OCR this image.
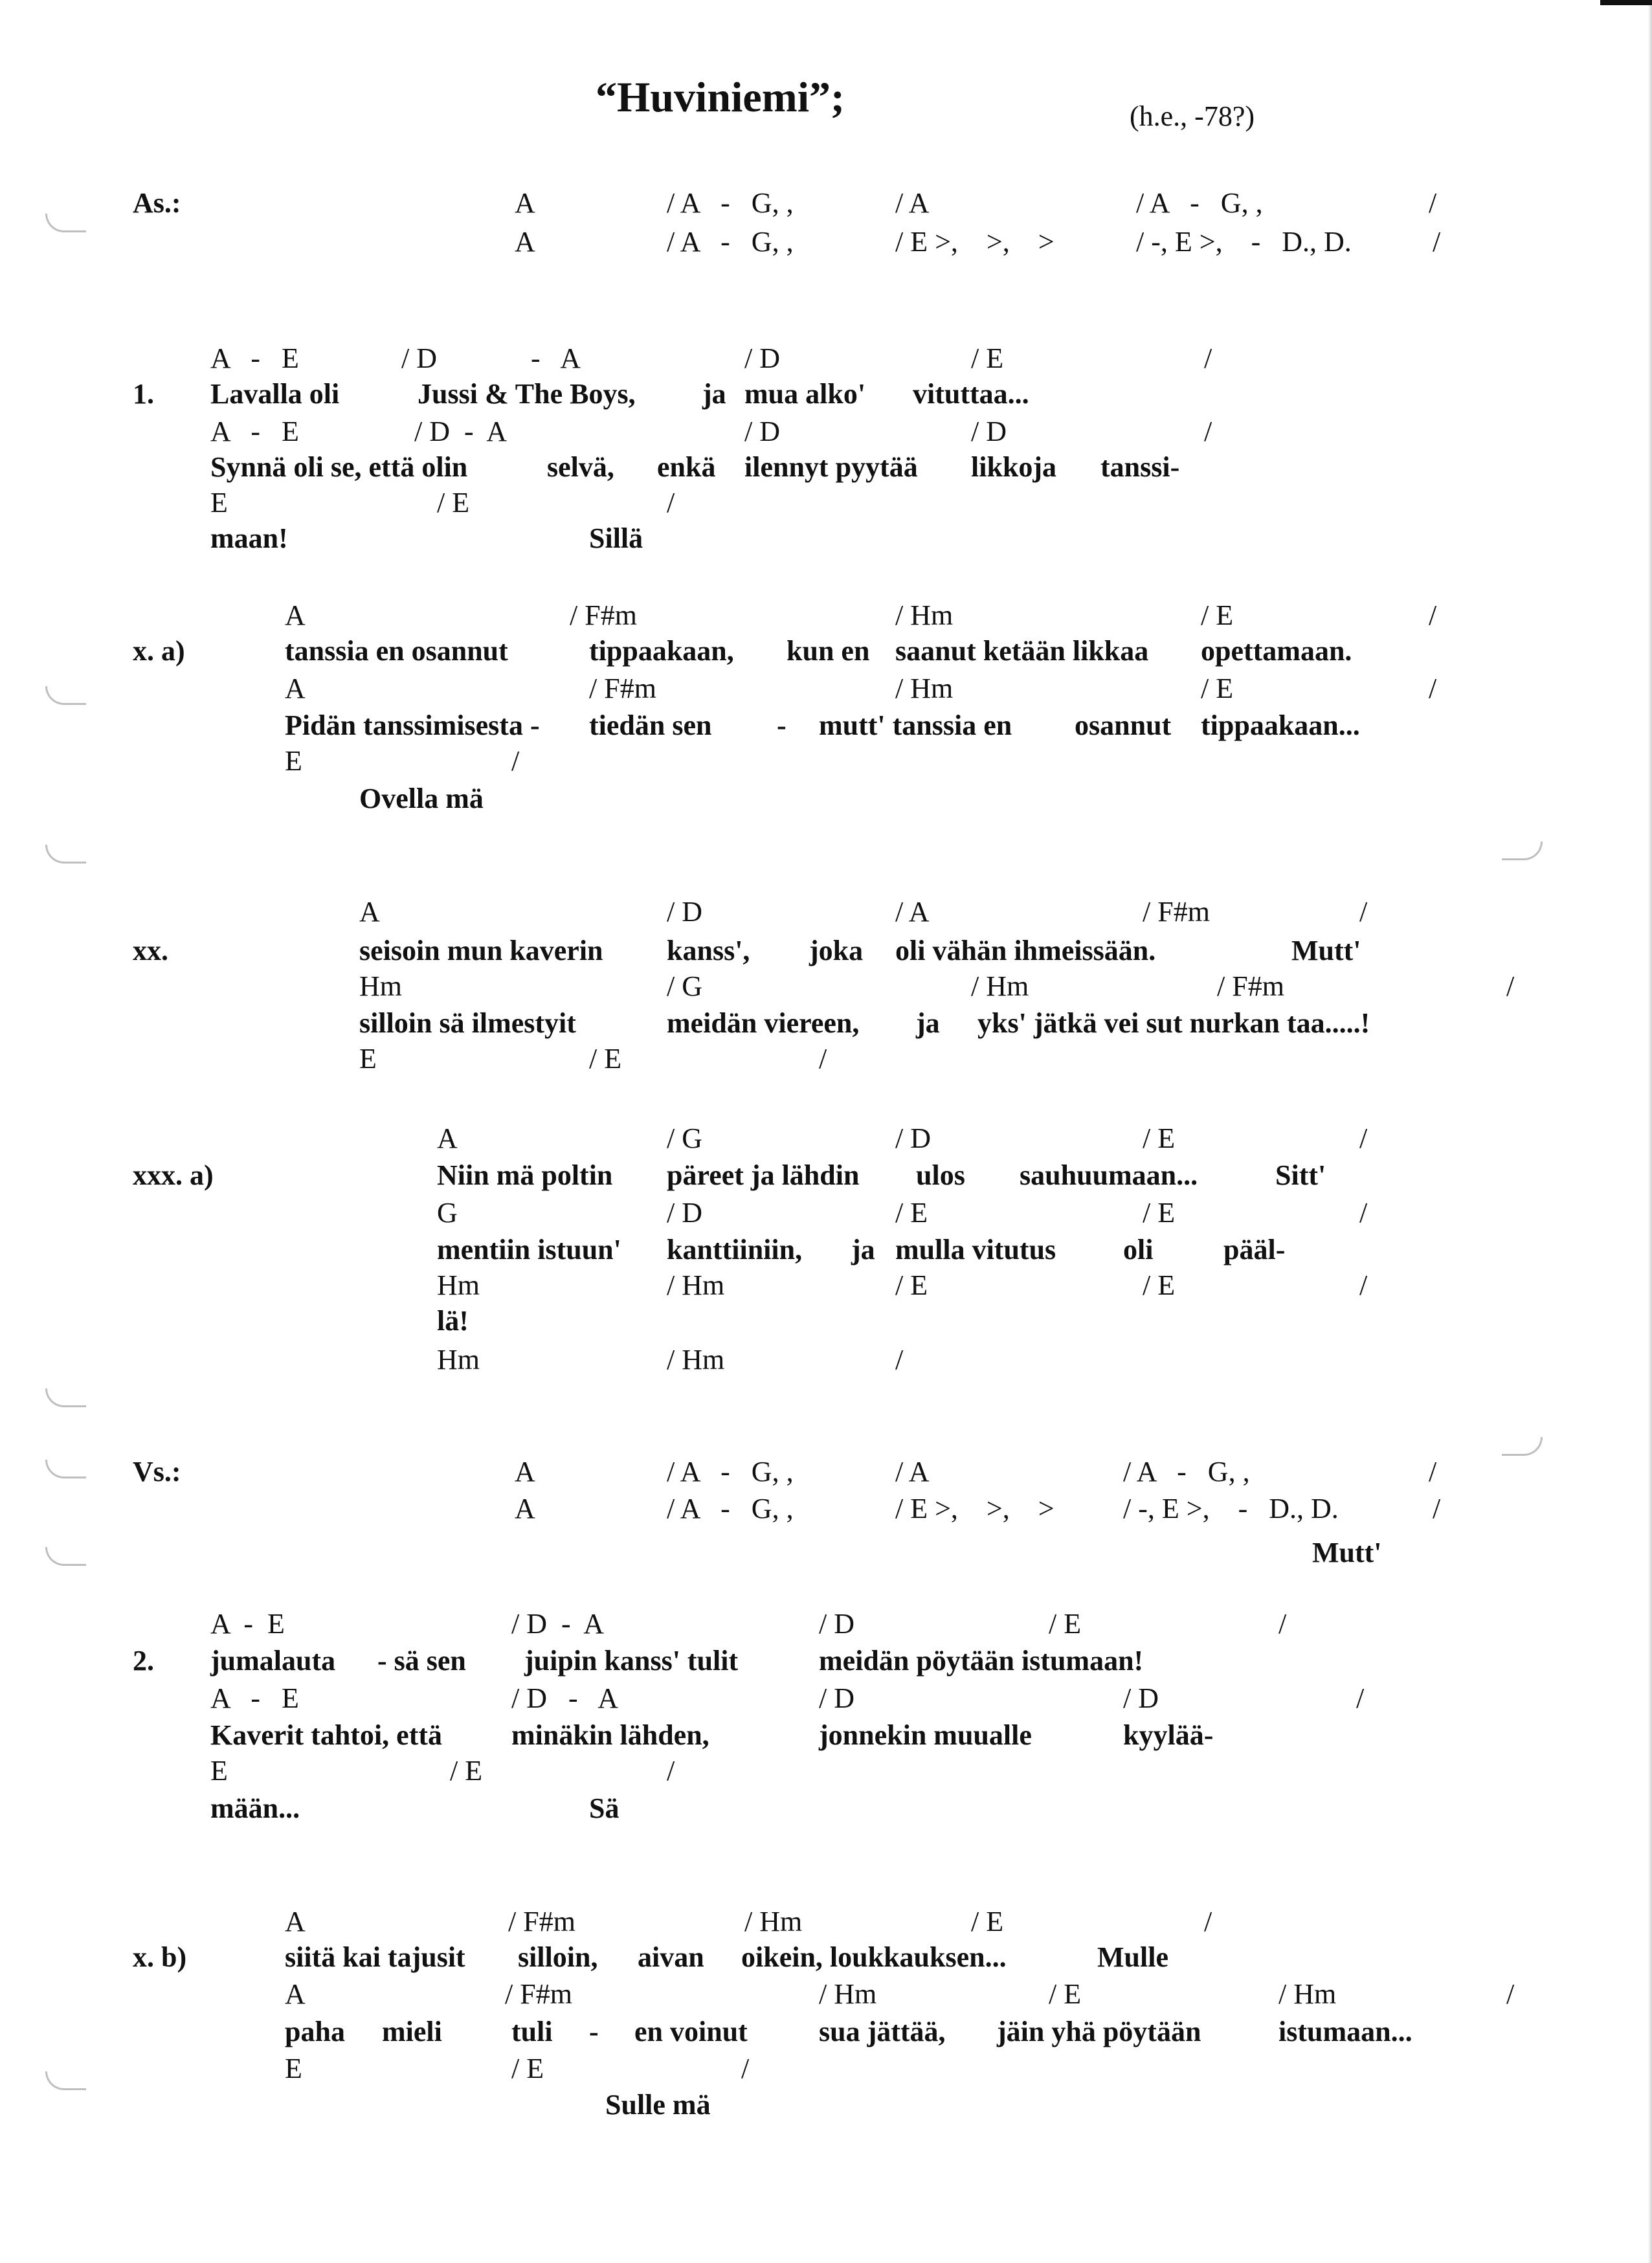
“Huviniemi”;	(h.e., -78?)
As.:	A	/ A   -   G, ,	/ A	/ A   -   G, ,	/
A	/ A   -   G, ,	/ E >,    >,    >	/ -, E >,    -   D., D.	/
A   -   E	/ D	-   A	/ D	/ E	/
1. Lavalla oli	Jussi & The Boys, ja mua alko' vituttaa...
A   -   E	/ D  -  A	/ D	/ D	/
Synnä oli se, että olin	selvä, enkä ilennyt pyytää likkoja tanssi-
E	/ E	/
maan!	Sillä
A	/ F#m	/ Hm	/ E	/
x. a)	tanssia en osannut	tippaakaan, kun en saanut ketään likkaa opettamaan.
A	/ F#m	/ Hm	/ E	/
Pidän tanssimisesta - tiedän sen - mutt' tanssia en osannut tippaakaan...
E	/
Ovella mä
A	/ D	/ A	/ F#m	/
xx.	seisoin mun kaverin kanss', joka oli vähän ihmeissään.	Mutt'
Hm	/ G	/ Hm	/ F#m	/
silloin sä ilmestyit	meidän viereen, ja yks' jätkä vei sut nurkan taa.....!
E	/ E	/
A	/ G	/ D	/ E	/
xxx. a)	Niin mä poltin päreet ja lähdin ulos sauhuumaan...	Sitt'
G	/ D	/ E	/ E	/
mentiin istuun' kanttiiniin, ja mulla vitutus oli pääl-
Hm	/ Hm	/ E	/ E	/
lä!
Hm	/ Hm	/
Vs.:	A	/ A   -   G, ,	/ A	/ A   -   G, ,	/
A	/ A   -   G, ,	/ E >,    >,    > / -, E >,    -   D., D.	/
Mutt'
A  -  E	/ D  -  A	/ D	/ E	/
2. jumalauta - sä sen juipin kanss' tulit	meidän pöytään istumaan!
A   -   E	/ D   -   A	/ D	/ D	/
Kaverit tahtoi, että minäkin lähden,	jonnekin muualle	kyylää-
E	/ E	/
mään...	Sä
A	/ F#m	/ Hm	/ E	/
x. b)	siitä kai tajusit silloin, aivan oikein, loukkauksen...	Mulle
A	/ F#m	/ Hm	/ E	/ Hm	/
paha mieli tuli - en voinut	sua jättää, jäin yhä pöytään	istumaan...
E	/ E	/
Sulle mä
